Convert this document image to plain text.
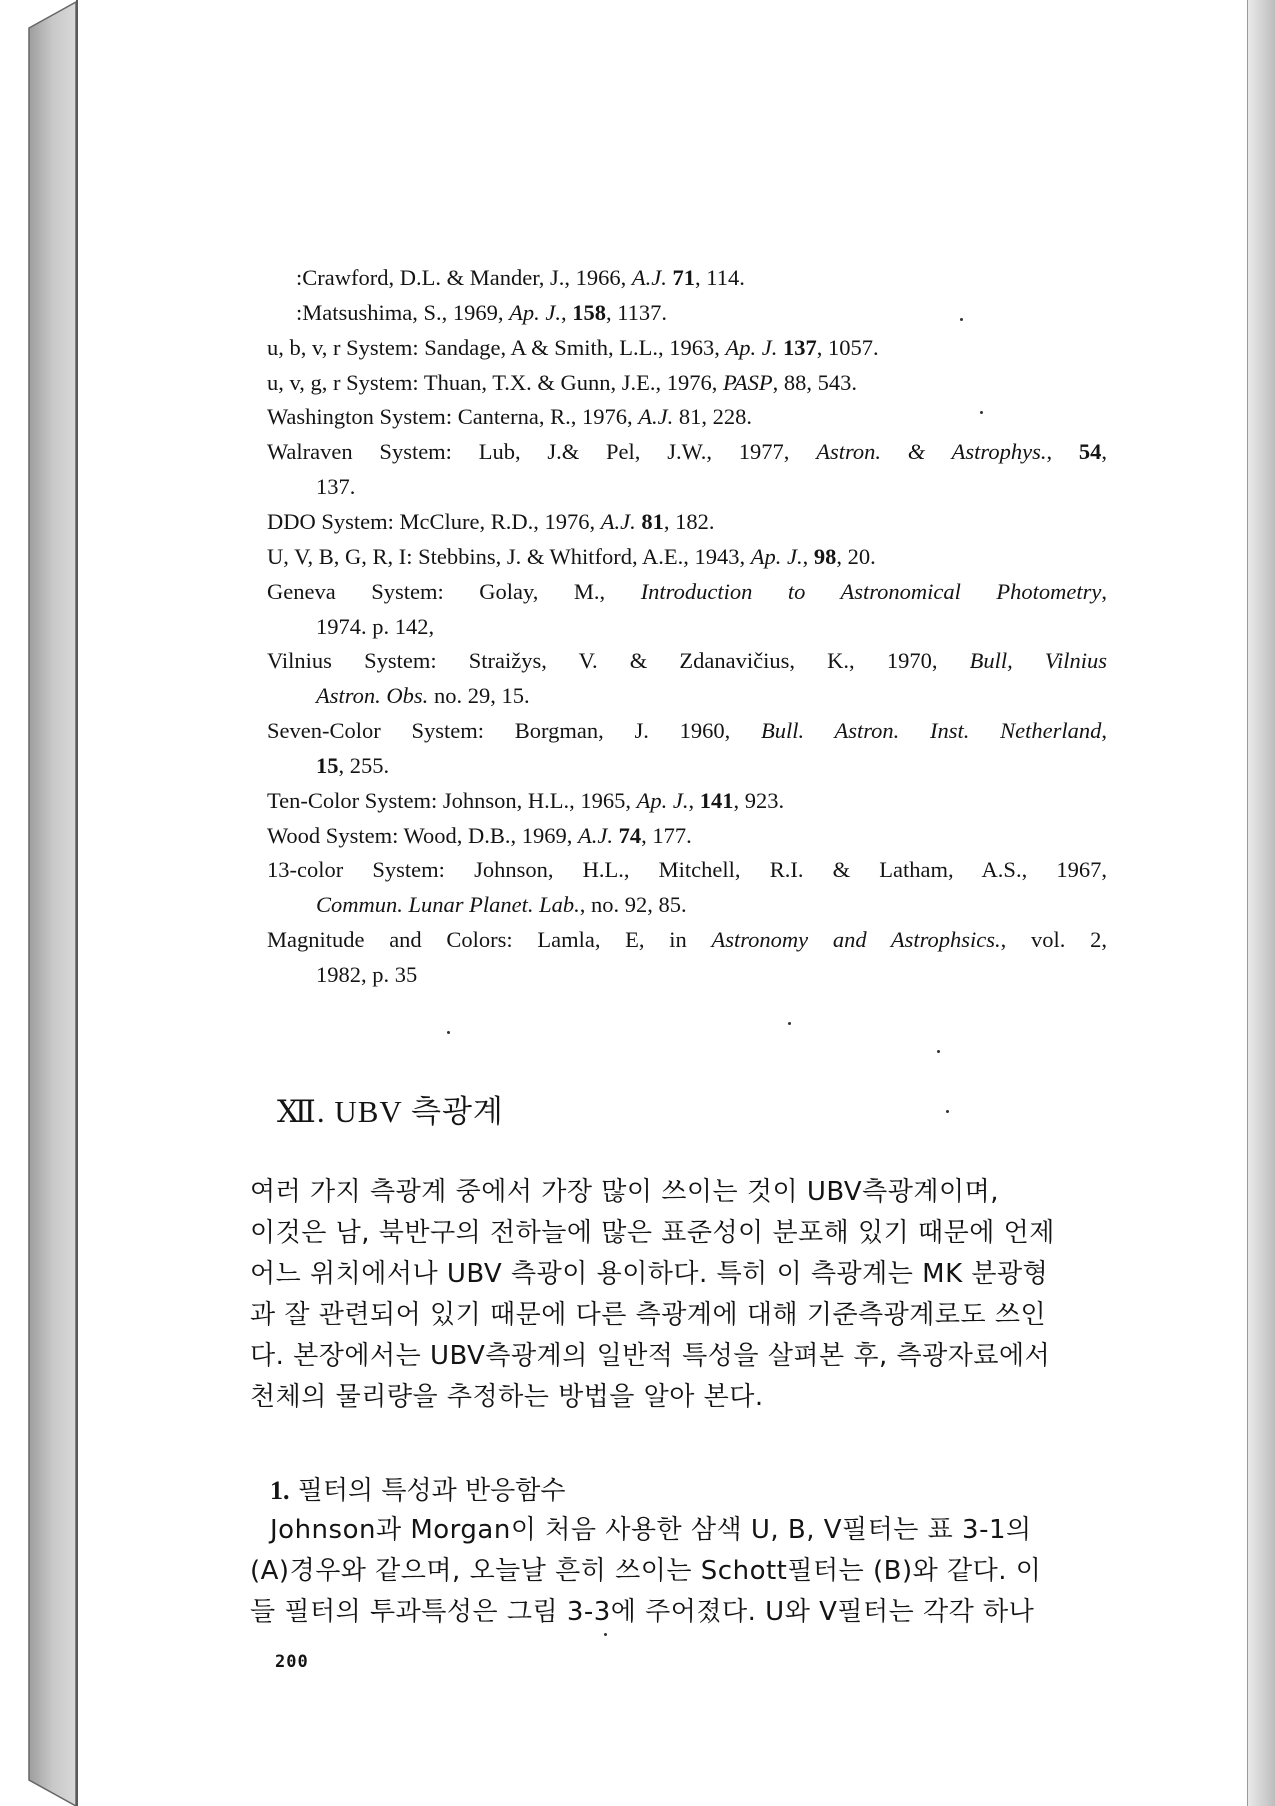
:Crawford, D.L. & Mander, J., 1966, A.J. 71, 114.
:Matsushima, S., 1969, Ap. J., 158, 1137.
u, b, v, r System: Sandage, A & Smith, L.L., 1963, Ap. J. 137, 1057.
u, v, g, r System: Thuan, T.X. & Gunn, J.E., 1976, PASP, 88, 543.
Washington System: Canterna, R., 1976, A.J. 81, 228.
Walraven System: Lub, J.& Pel, J.W., 1977, Astron. & Astrophys., 54,
137.
DDO System: McClure, R.D., 1976, A.J. 81, 182.
U, V, B, G, R, I: Stebbins, J. & Whitford, A.E., 1943, Ap. J., 98, 20.
Geneva System: Golay, M., Introduction to Astronomical Photometry,
1974. p. 142,
Vilnius System: Straižys, V. & Zdanavičius, K., 1970, Bull, Vilnius
Astron. Obs. no. 29, 15.
Seven-Color System: Borgman, J. 1960, Bull. Astron. Inst. Netherland,
15, 255.
Ten-Color System: Johnson, H.L., 1965, Ap. J., 141, 923.
Wood System: Wood, D.B., 1969, A.J. 74, 177.
13-color System: Johnson, H.L., Mitchell, R.I. & Latham, A.S., 1967,
Commun. Lunar Planet. Lab., no. 92, 85.
Magnitude and Colors: Lamla, E, in Astronomy and Astrophsics., vol. 2,
1982, p. 35
Ⅻ. UBV 측광계
여러 가지 측광계 중에서 가장 많이 쓰이는 것이 UBV측광계이며,
이것은 남, 북반구의 전하늘에 많은 표준성이 분포해 있기 때문에 언제
어느 위치에서나 UBV 측광이 용이하다. 특히 이 측광계는 MK 분광형
과 잘 관련되어 있기 때문에 다른 측광계에 대해 기준측광계로도 쓰인
다. 본장에서는 UBV측광계의 일반적 특성을 살펴본 후, 측광자료에서
천체의 물리량을 추정하는 방법을 알아 본다.
1. 필터의 특성과 반응함수
Johnson과 Morgan이 처음 사용한 삼색 U, B, V필터는 표 3-1의
(A)경우와 같으며, 오늘날 흔히 쓰이는 Schott필터는 (B)와 같다. 이
들 필터의 투과특성은 그림 3-3에 주어졌다. U와 V필터는 각각 하나
200
